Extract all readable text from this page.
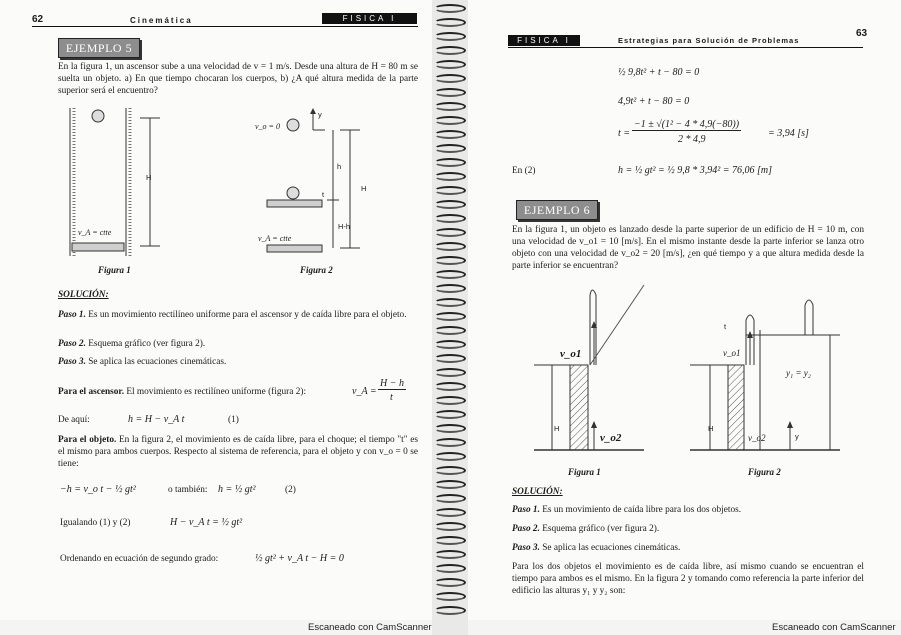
62	Cinemática	FISICA I
EJEMPLO 5
En la figura 1, un ascensor sube a una velocidad de v = 1 m/s. Desde una altura de H = 80 m se suelta un objeto. a) En que tiempo chocaran los cuerpos, b) ¿A qué altura medida de la parte superior será el encuentro?
H
v_A = ctte
Figura 1
v_o = 0
y
h
H
t
H-h
v_A = ctte
Figura 2
SOLUCIÓN:
Paso 1. Es un movimiento rectilíneo uniforme para el ascensor y de caída libre para el objeto.
Paso 2. Esquema gráfico (ver figura 2).
Paso 3. Se aplica las ecuaciones cinemáticas.
Para el ascensor. El movimiento es rectilíneo uniforme (figura 2):	v_A =
H − h
t
De aquí:	h = H − v_A t	(1)
Para el objeto. En la figura 2, el movimiento es de caída libre, para el choque; el tiempo "t" es el mismo para ambos cuerpos. Respecto al sistema de referencia, para el objeto y con v_o = 0 se tiene:
−h = v_o t − ½ gt²	o también: h = ½ gt²	(2)
Igualando (1) y (2)	H − v_A t = ½ gt²
Ordenando en ecuación de segundo grado:	½ gt² + v_A t − H = 0
FISICA I	Estrategias para Solución de Problemas
63
½ 9,8t² + t − 80 = 0
4,9t² + t − 80 = 0
t =
−1 ± √(1² − 4 * 4,9(−80))
2 * 4,9
= 3,94 [s]
En (2)	h = ½ gt² = ½ 9,8 * 3,94² = 76,06 [m]
EJEMPLO 6
En la figura 1, un objeto es lanzado desde la parte superior de un edificio de H = 10 m, con una velocidad de v_o1 = 10 [m/s]. En el mismo instante desde la parte inferior se lanza otro objeto con una velocidad de v_o2 = 20 [m/s], ¿en qué tiempo y a que altura medida desde la parte inferior se encuentran?
v_o1
v_o2
H
Figura 1
v_o1
v_o2
H
t
y
y₁ = y₂
Figura 2
SOLUCIÓN:
Paso 1. Es un movimiento de caída libre para los dos objetos.
Paso 2. Esquema gráfico (ver figura 2).
Paso 3. Se aplica las ecuaciones cinemáticas.
Para los dos objetos el movimiento es de caída libre, así mismo cuando se encuentran el tiempo para ambos es el mismo. En la figura 2 y tomando como referencia la parte inferior del edificio las alturas y₁ y y₂ son:
Escaneado con CamScanner	Escaneado con CamScanner
